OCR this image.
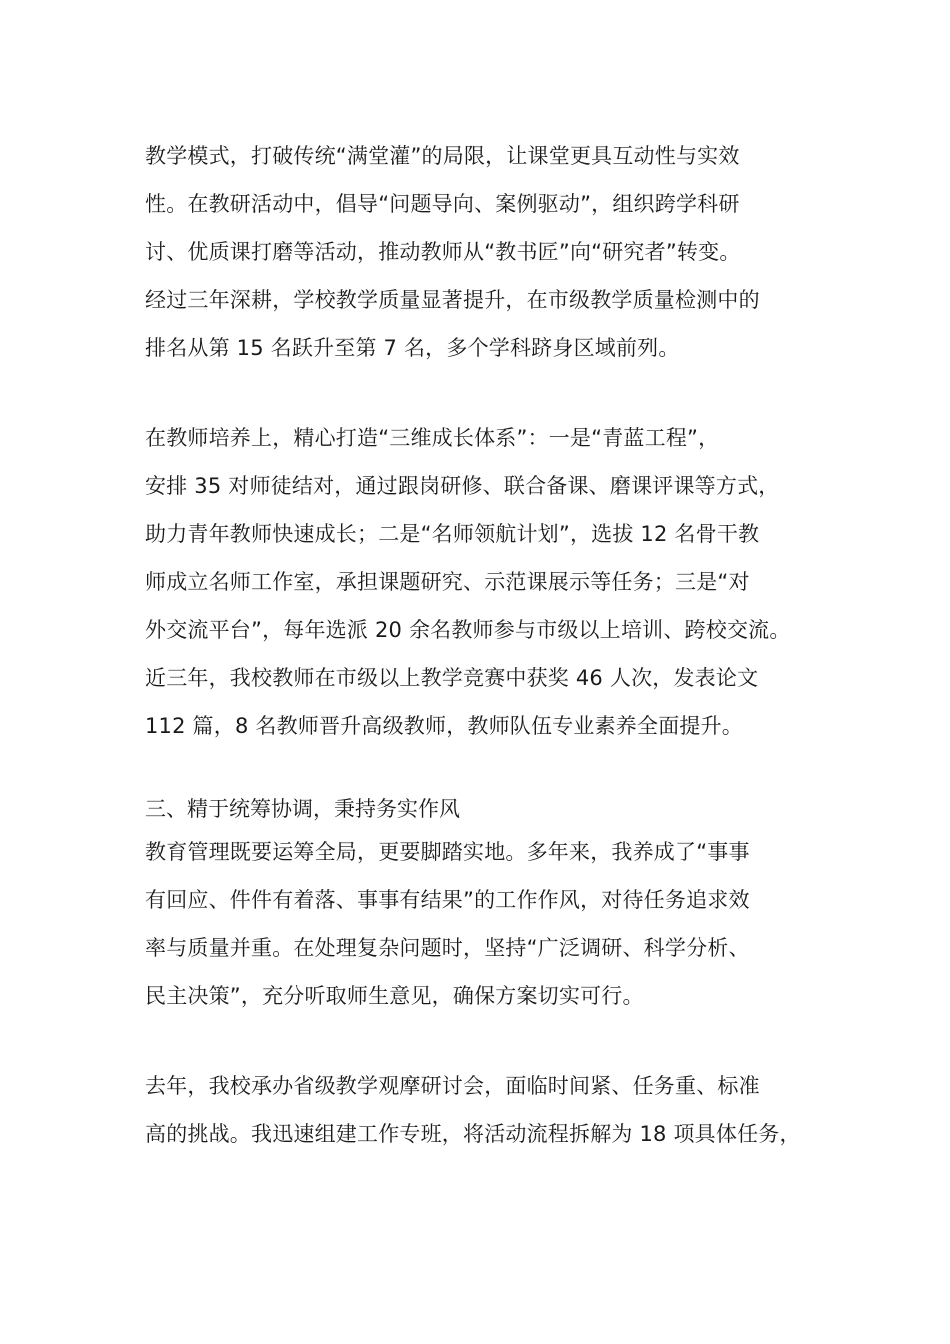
教学模式，打破传统“满堂灌”的局限，让课堂更具互动性与实效
性。在教研活动中，倡导“问题导向、案例驱动”，组织跨学科研
讨、优质课打磨等活动，推动教师从“教书匠”向“研究者”转变。
经过三年深耕，学校教学质量显著提升，在市级教学质量检测中的
排名从第 15 名跃升至第 7 名，多个学科跻身区域前列。
在教师培养上，精心打造“三维成长体系”：一是“青蓝工程”，
安排 35 对师徒结对，通过跟岗研修、联合备课、磨课评课等方式，
助力青年教师快速成长；二是“名师领航计划”，选拔 12 名骨干教
师成立名师工作室，承担课题研究、示范课展示等任务；三是“对
外交流平台”，每年选派 20 余名教师参与市级以上培训、跨校交流。
近三年，我校教师在市级以上教学竞赛中获奖 46 人次，发表论文
112 篇，8 名教师晋升高级教师，教师队伍专业素养全面提升。
三、精于统筹协调，秉持务实作风
教育管理既要运筹全局，更要脚踏实地。多年来，我养成了“事事
有回应、件件有着落、事事有结果”的工作作风，对待任务追求效
率与质量并重。在处理复杂问题时，坚持“广泛调研、科学分析、
民主决策”，充分听取师生意见，确保方案切实可行。
去年，我校承办省级教学观摩研讨会，面临时间紧、任务重、标准
高的挑战。我迅速组建工作专班，将活动流程拆解为 18 项具体任务，
